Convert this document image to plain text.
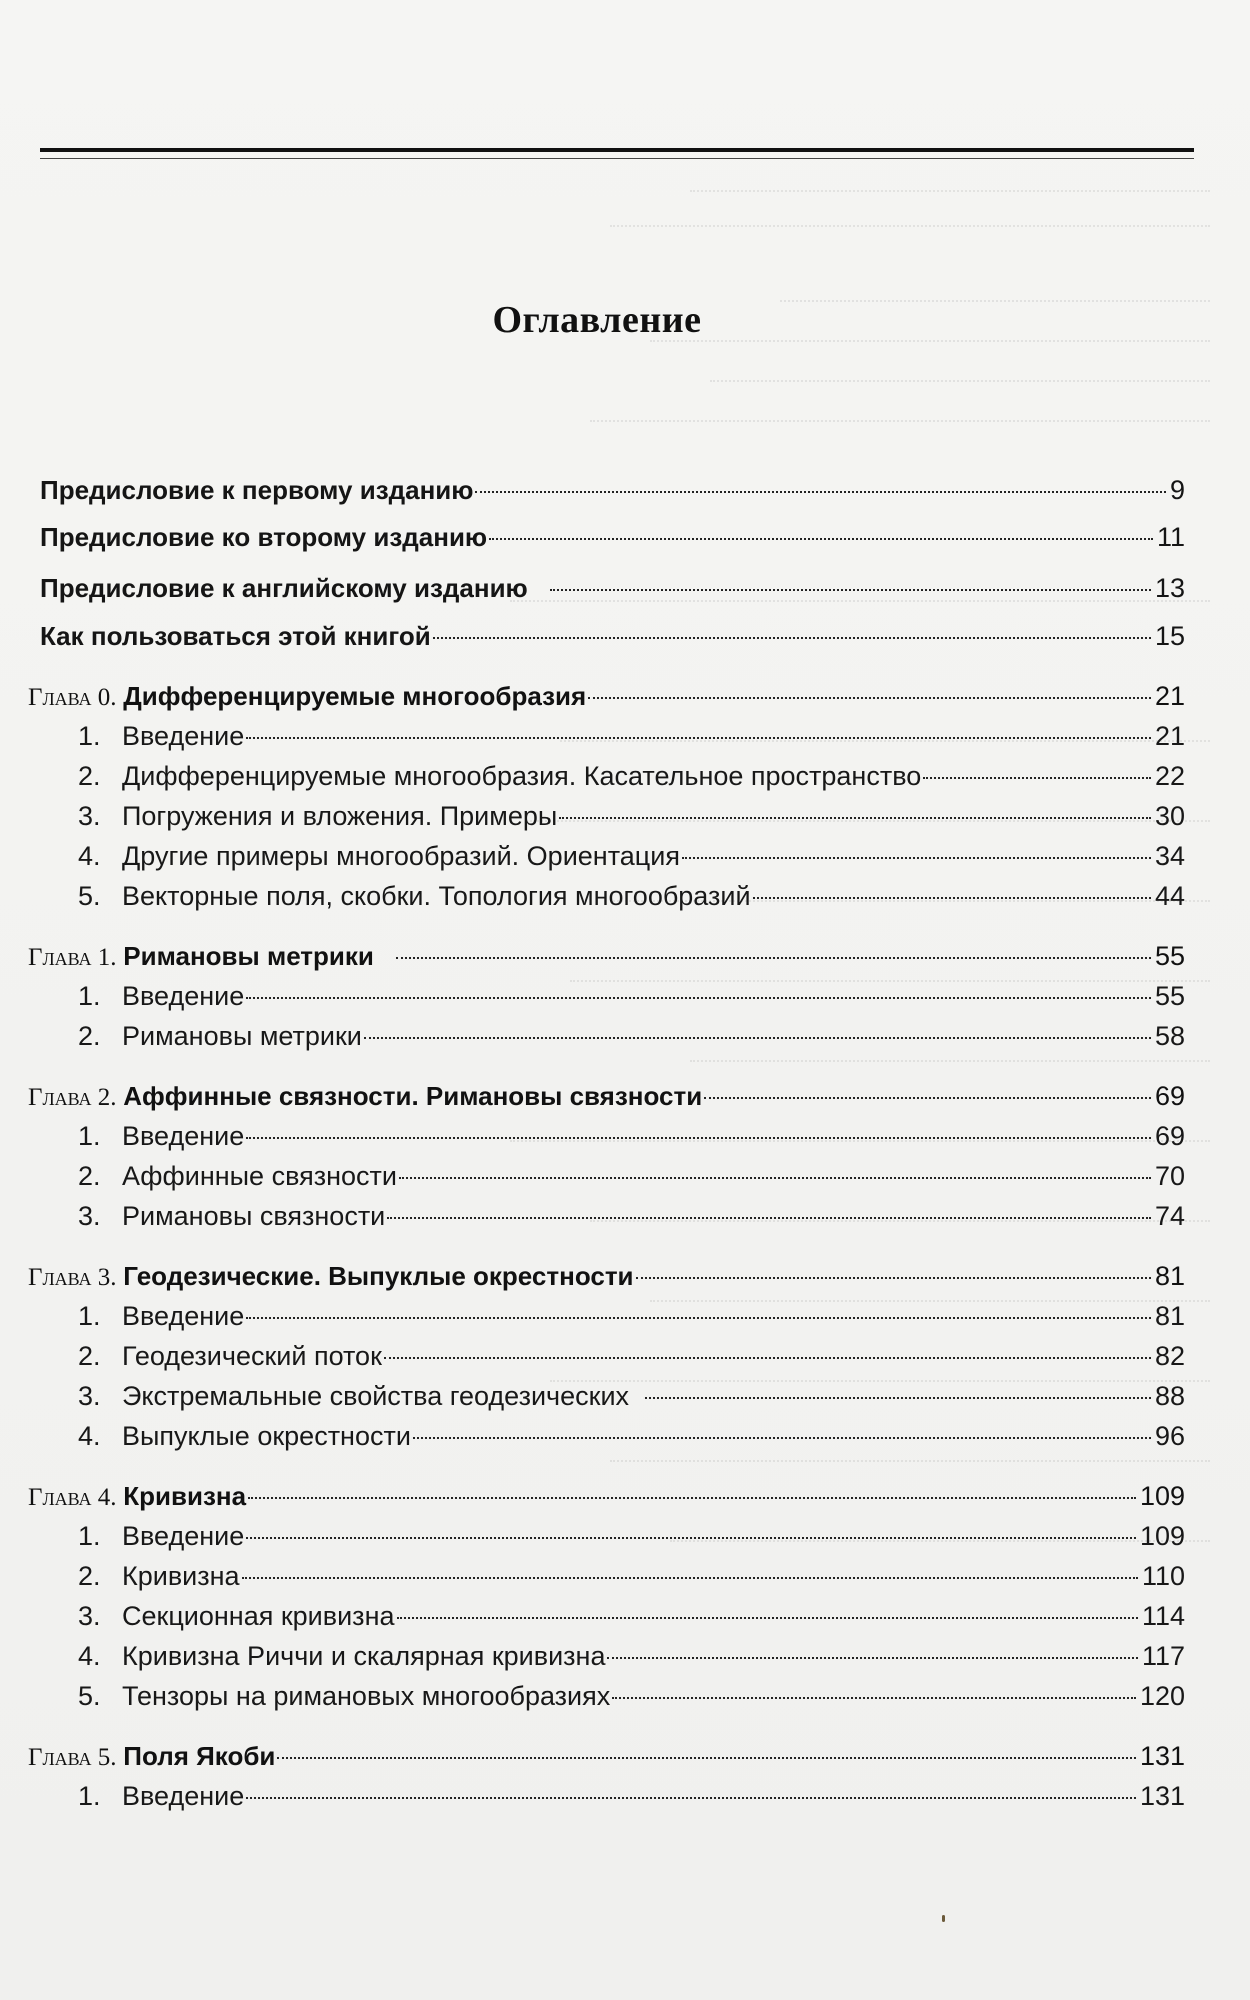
Оглавление
Предисловие к первому изданию	9
Предисловие ко второму изданию	11
Предисловие к английскому изданию	13
Как пользоваться этой книгой	15
Глава 0. Дифференцируемые многообразия	21
1. Введение	21
2. Дифференцируемые многообразия. Касательное пространство	22
3. Погружения и вложения. Примеры	30
4. Другие примеры многообразий. Ориентация	34
5. Векторные поля, скобки. Топология многообразий	44
Глава 1. Римановы метрики	55
1. Введение	55
2. Римановы метрики	58
Глава 2. Аффинные связности. Римановы связности	69
1. Введение	69
2. Аффинные связности	70
3. Римановы связности	74
Глава 3. Геодезические. Выпуклые окрестности	81
1. Введение	81
2. Геодезический поток	82
3. Экстремальные свойства геодезических	88
4. Выпуклые окрестности	96
Глава 4. Кривизна	109
1. Введение	109
2. Кривизна	110
3. Секционная кривизна	114
4. Кривизна Риччи и скалярная кривизна	117
5. Тензоры на римановых многообразиях	120
Глава 5. Поля Якоби	131
1. Введение	131
